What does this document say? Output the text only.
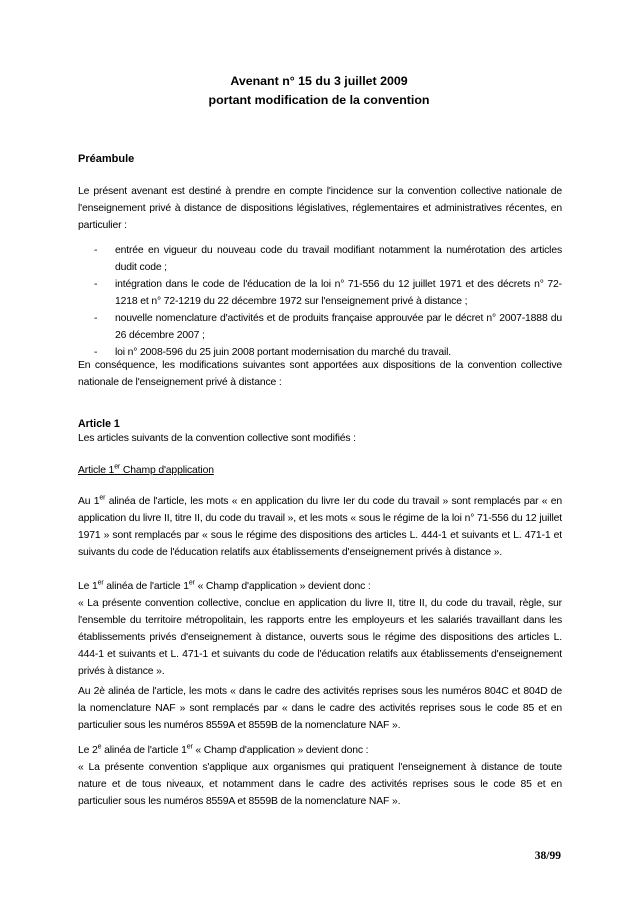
Avenant n° 15 du 3 juillet 2009
portant modification de la convention
Préambule
Le présent avenant est destiné à prendre en compte l'incidence sur la convention collective nationale de l'enseignement privé à distance de dispositions législatives, réglementaires et administratives récentes, en particulier :
- entrée en vigueur du nouveau code du travail modifiant notamment la numérotation des articles dudit code ;
- intégration dans le code de l'éducation de la loi n° 71-556 du 12 juillet 1971 et des décrets n° 72-1218 et n° 72-1219 du 22 décembre 1972 sur l'enseignement privé à distance ;
- nouvelle nomenclature d'activités et de produits française approuvée par le décret n° 2007-1888 du 26 décembre 2007 ;
- loi n° 2008-596 du 25 juin 2008 portant modernisation du marché du travail.
En conséquence, les modifications suivantes sont apportées aux dispositions de la convention collective nationale de l'enseignement privé à distance :
Article 1
Les articles suivants de la convention collective sont modifiés :
Article 1er Champ d'application
Au 1er alinéa de l'article, les mots « en application du livre Ier du code du travail » sont remplacés par « en application du livre II, titre II, du code du travail », et les mots « sous le régime de la loi n° 71-556 du 12 juillet 1971 » sont remplacés par « sous le régime des dispositions des articles L. 444-1 et suivants et L. 471-1 et suivants du code de l'éducation relatifs aux établissements d'enseignement privés à distance ».
Le 1er alinéa de l'article 1er « Champ d'application » devient donc :
« La présente convention collective, conclue en application du livre II, titre II, du code du travail, règle, sur l'ensemble du territoire métropolitain, les rapports entre les employeurs et les salariés travaillant dans les établissements privés d'enseignement à distance, ouverts sous le régime des dispositions des articles L. 444-1 et suivants et L. 471-1 et suivants du code de l'éducation relatifs aux établissements d'enseignement privés à distance ».
Au 2è alinéa de l'article, les mots « dans le cadre des activités reprises sous les numéros 804C et 804D de la nomenclature NAF » sont remplacés par « dans le cadre des activités reprises sous le code 85 et en particulier sous les numéros 8559A et 8559B de la nomenclature NAF ».
Le 2e alinéa de l'article 1er « Champ d'application » devient donc :
« La présente convention s'applique aux organismes qui pratiquent l'enseignement à distance de toute nature et de tous niveaux, et notamment dans le cadre des activités reprises sous le code 85 et en particulier sous les numéros 8559A et 8559B de la nomenclature NAF ».
38/99
